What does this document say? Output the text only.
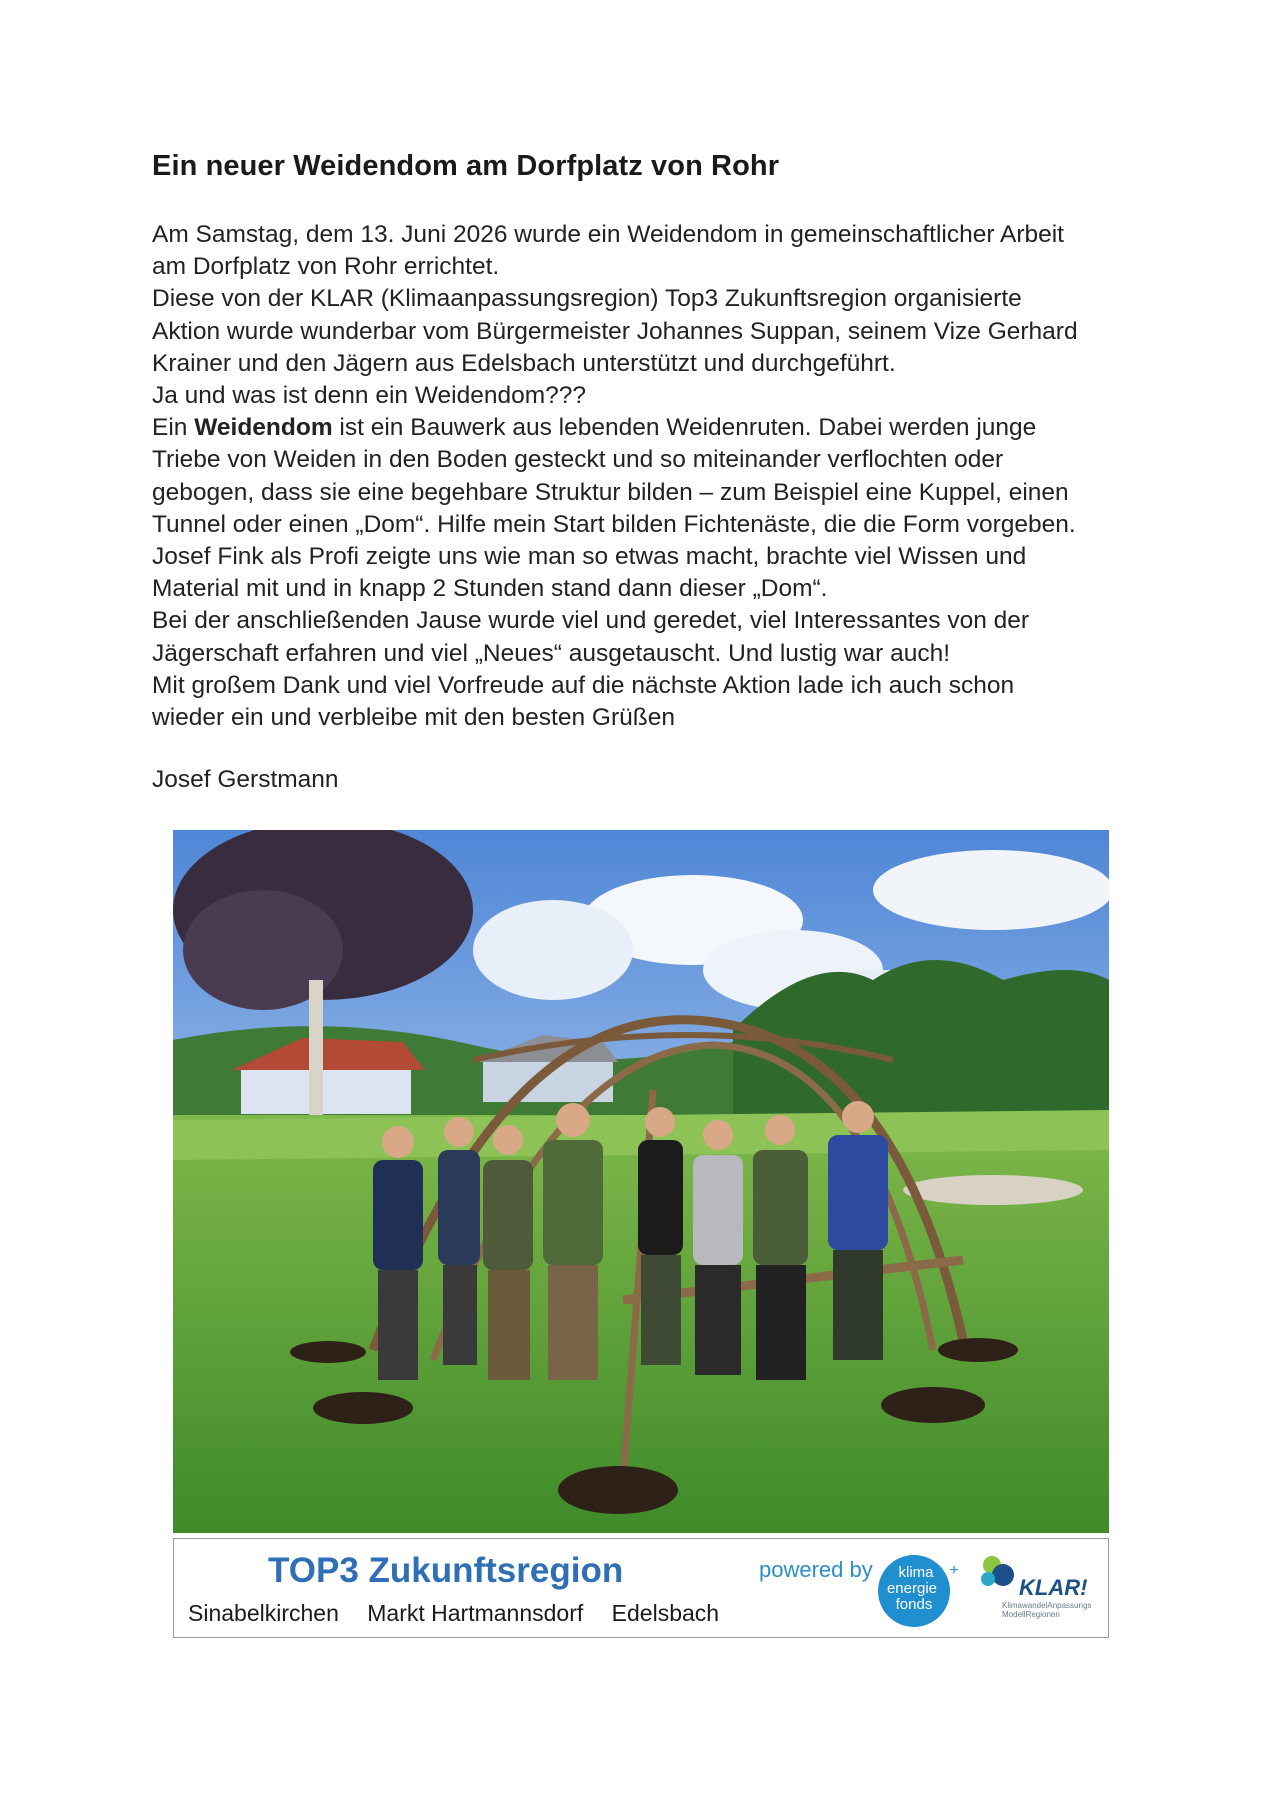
Ein neuer Weidendom am Dorfplatz von Rohr

Am Samstag, dem 13. Juni 2026 wurde ein Weidendom in gemeinschaftlicher Arbeit

am Dorfplatz von Rohr errichtet.

Diese von der KLAR (Klimaanpassungsregion) Top3 Zukunftsregion organisierte

Aktion wurde wunderbar vom Bürgermeister Johannes Suppan, seinem Vize Gerhard

Krainer und den Jägern aus Edelsbach unterstützt und durchgeführt.

Ja und was ist denn ein Weidendom???

Ein Weidendom ist ein Bauwerk aus lebenden Weidenruten. Dabei werden junge

Triebe von Weiden in den Boden gesteckt und so miteinander verflochten oder

gebogen, dass sie eine begehbare Struktur bilden – zum Beispiel eine Kuppel, einen

Tunnel oder einen „Dom“. Hilfe mein Start bilden Fichtenäste, die die Form vorgeben.

Josef Fink als Profi zeigte uns wie man so etwas macht, brachte viel Wissen und

Material mit und in knapp 2 Stunden stand dann dieser „Dom“.

Bei der anschließenden Jause wurde viel und geredet, viel Interessantes von der

Jägerschaft erfahren und viel „Neues“ ausgetauscht. Und lustig war auch!

Mit großem Dank und viel Vorfreude auf die nächste Aktion lade ich auch schon

wieder ein und verbleibe mit den besten Grüßen

Josef Gerstmann
TOP3 Zukunftsregion
Sinabelkirchen Markt Hartmannsdorf Edelsbach
powered by klima
energie
fonds
+
KLAR!
KlimawandelAnpassungs ModellRegionen
